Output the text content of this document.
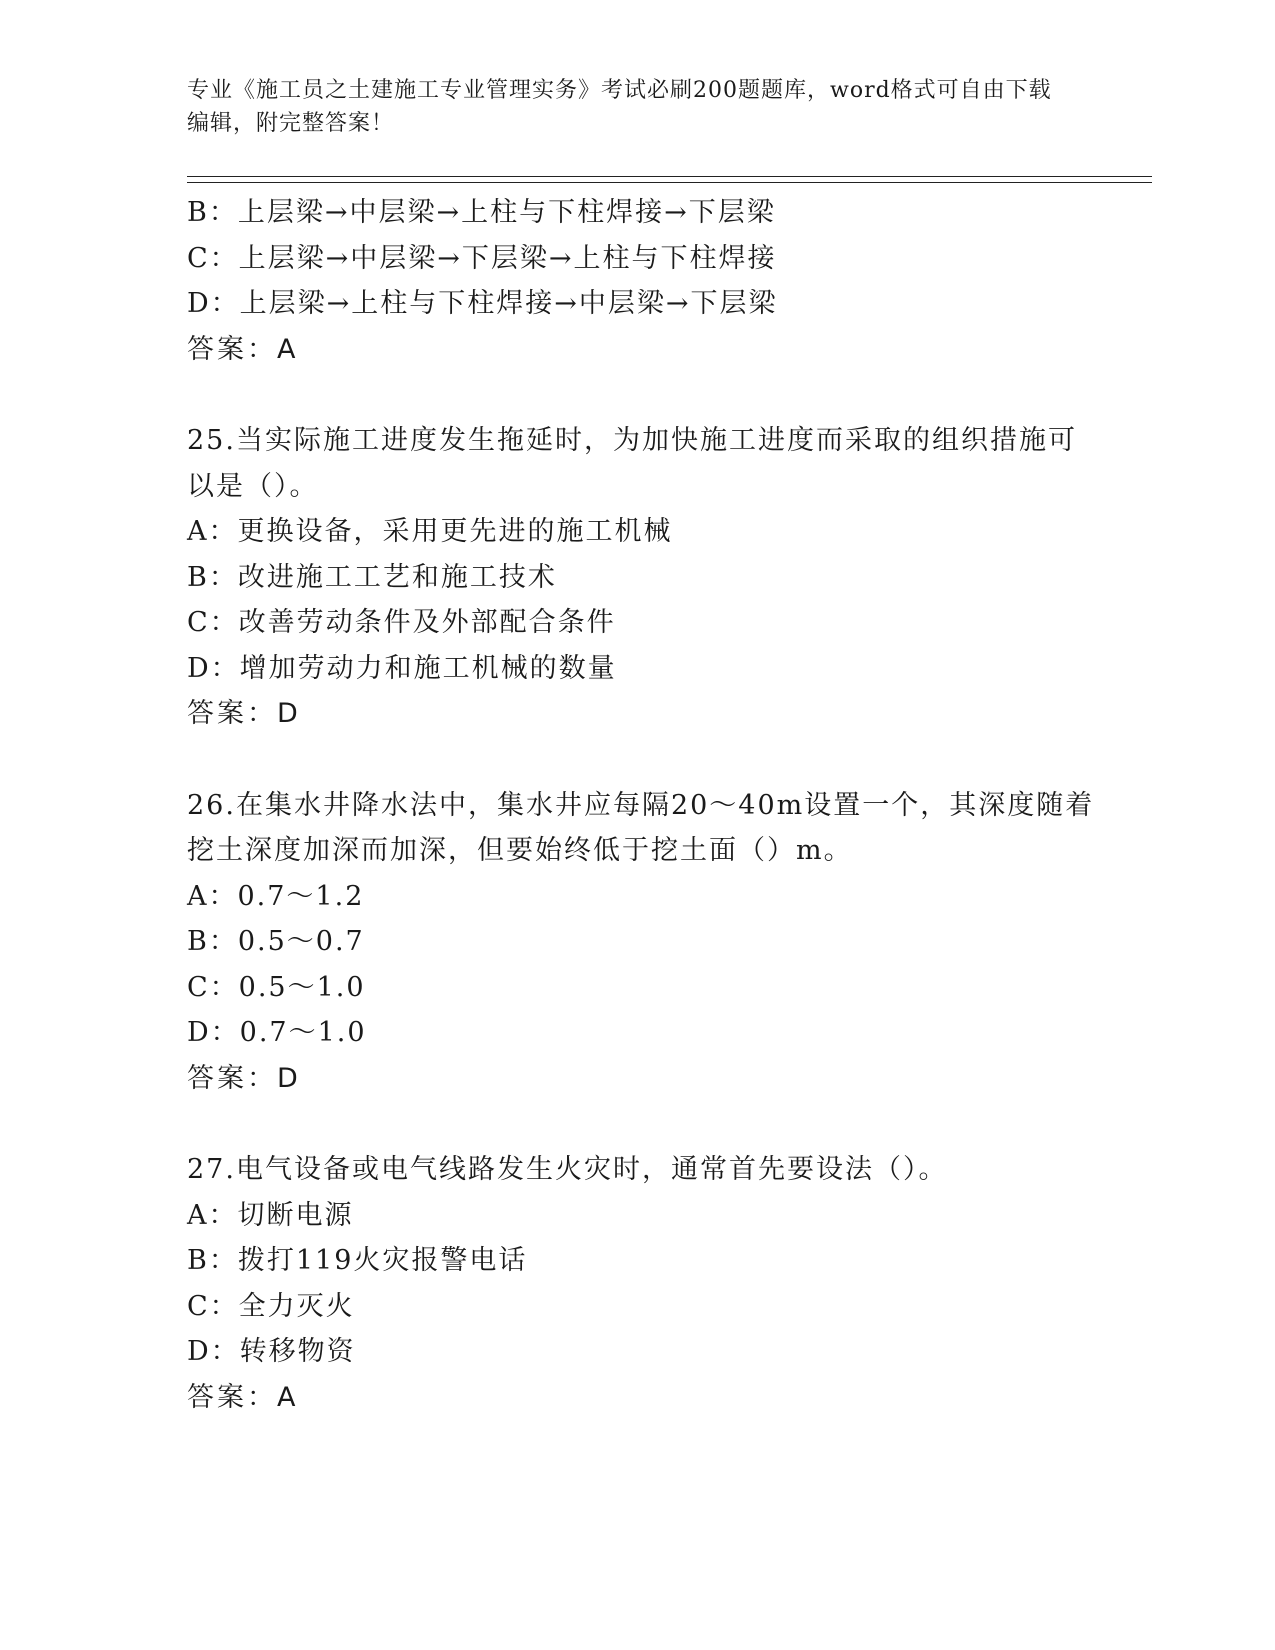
专业《施工员之土建施工专业管理实务》考试必刷200题题库，word格式可自由下载编辑，附完整答案！
B：上层梁→中层梁→上柱与下柱焊接→下层梁
C：上层梁→中层梁→下层梁→上柱与下柱焊接
D：上层梁→上柱与下柱焊接→中层梁→下层梁
答案：A
25.当实际施工进度发生拖延时，为加快施工进度而采取的组织措施可
以是（）。
A：更换设备，采用更先进的施工机械
B：改进施工工艺和施工技术
C：改善劳动条件及外部配合条件
D：增加劳动力和施工机械的数量
答案：D
26.在集水井降水法中，集水井应每隔20～40m设置一个，其深度随着
挖土深度加深而加深，但要始终低于挖土面（）m。
A：0.7～1.2
B：0.5～0.7
C：0.5～1.0
D：0.7～1.0
答案：D
27.电气设备或电气线路发生火灾时，通常首先要设法（）。
A：切断电源
B：拨打119火灾报警电话
C：全力灭火
D：转移物资
答案：A
